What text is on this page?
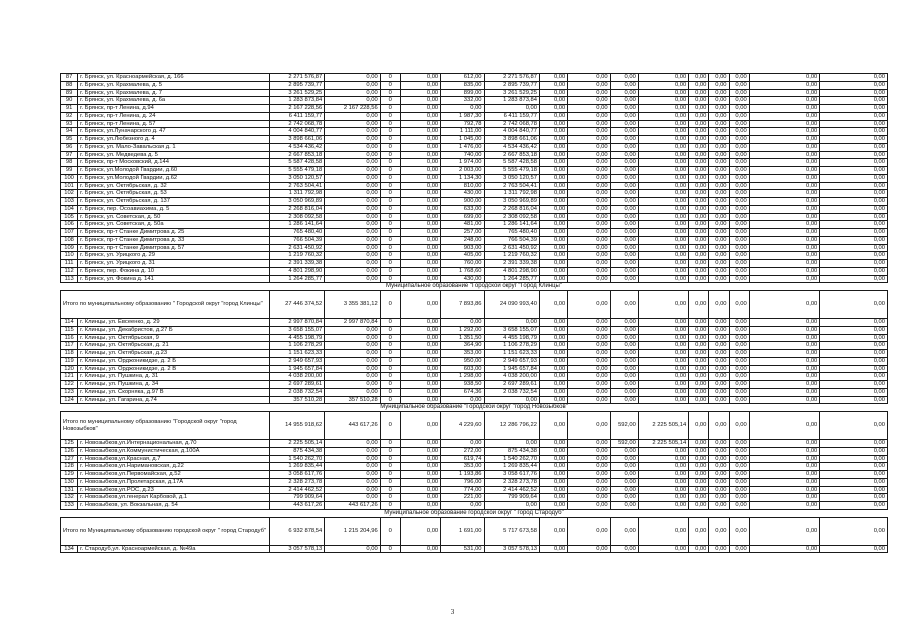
87	г. Брянск, ул. Красноармейская, д. 166	2 271 576,87	0,00	0	0,00	612,00	2 271 576,87	0,00	0,00	0,00	0,00	0,00	0,00	0,00	0,00	0,00
88	г. Брянск, ул. Крахмалева, д. 5	2 895 739,77	0,00	0	0,00	835,00	2 895 739,77	0,00	0,00	0,00	0,00	0,00	0,00	0,00	0,00	0,00
89	г. Брянск, ул. Крахмалева, д. 7	3 261 529,25	0,00	0	0,00	899,00	3 261 529,25	0,00	0,00	0,00	0,00	0,00	0,00	0,00	0,00	0,00
90	г. Брянск, ул. Крахмалева, д. 6а	1 283 873,84	0,00	0	0,00	332,00	1 283 873,84	0,00	0,00	0,00	0,00	0,00	0,00	0,00	0,00	0,00
91	г. Брянск, пр-т Ленина, д.94	2 167 228,56	2 167 228,56	0	0,00	0,00	0,00	0,00	0,00	0,00	0,00	0,00	0,00	0,00	0,00	0,00
92	г. Брянск, пр-т Ленина, д. 24	6 411 159,77	0,00	0	0,00	1 987,30	6 411 159,77	0,00	0,00	0,00	0,00	0,00	0,00	0,00	0,00	0,00
93	г. Брянск, пр-т Ленина, д. 57	2 742 068,78	0,00	0	0,00	792,78	2 742 068,78	0,00	0,00	0,00	0,00	0,00	0,00	0,00	0,00	0,00
94	г. Брянск, ул.Луначарского д. 47	4 004 840,77	0,00	0	0,00	1 111,00	4 004 840,77	0,00	0,00	0,00	0,00	0,00	0,00	0,00	0,00	0,00
95	г. Брянск, ул.Любезного д. 4	3 898 661,06	0,00	0	0,00	1 045,00	3 898 661,06	0,00	0,00	0,00	0,00	0,00	0,00	0,00	0,00	0,00
96	г. Брянск, ул. Мало-Завальская д. 1	4 534 436,42	0,00	0	0,00	1 476,00	4 534 436,42	0,00	0,00	0,00	0,00	0,00	0,00	0,00	0,00	0,00
97	г. Брянск, ул. Медведева д. 5	2 667 853,18	0,00	0	0,00	740,00	2 667 853,18	0,00	0,00	0,00	0,00	0,00	0,00	0,00	0,00	0,00
98	г. Брянск, пр-т Московский, д.144	5 587 428,58	0,00	0	0,00	1 974,00	5 587 428,58	0,00	0,00	0,00	0,00	0,00	0,00	0,00	0,00	0,00
99	г. Брянск, ул.Молодой Гвардии, д.60	5 555 479,18	0,00	0	0,00	2 003,00	5 555 479,18	0,00	0,00	0,00	0,00	0,00	0,00	0,00	0,00	0,00
100	г. Брянск, ул.Молодой Гвардии, д.62	3 050 120,57	0,00	0	0,00	1 134,30	3 050 120,57	0,00	0,00	0,00	0,00	0,00	0,00	0,00	0,00	0,00
101	г. Брянск, ул. Октябрьская, д. 32	2 763 504,41	0,00	0	0,00	810,00	2 763 504,41	0,00	0,00	0,00	0,00	0,00	0,00	0,00	0,00	0,00
102	г. Брянск, ул. Октябрьская, д. 53	1 311 792,98	0,00	0	0,00	430,00	1 311 792,98	0,00	0,00	0,00	0,00	0,00	0,00	0,00	0,00	0,00
103	г. Брянск, ул. Октябрьская, д. 137	3 050 969,89	0,00	0	0,00	900,00	3 050 969,89	0,00	0,00	0,00	0,00	0,00	0,00	0,00	0,00	0,00
104	г. Брянск, пер. Осоавиахима, д. 5	2 268 816,04	0,00	0	0,00	633,00	2 268 816,04	0,00	0,00	0,00	0,00	0,00	0,00	0,00	0,00	0,00
105	г. Брянск, ул. Советская, д. 50	2 308 092,58	0,00	0	0,00	699,00	2 308 092,58	0,00	0,00	0,00	0,00	0,00	0,00	0,00	0,00	0,00
106	г. Брянск, ул. Советская, д. 50а	1 286 141,64	0,00	0	0,00	481,00	1 286 141,64	0,00	0,00	0,00	0,00	0,00	0,00	0,00	0,00	0,00
107	г. Брянск, пр-т Станке Димитрова д. 25	765 480,40	0,00	0	0,00	257,00	765 480,40	0,00	0,00	0,00	0,00	0,00	0,00	0,00	0,00	0,00
108	г. Брянск, пр-т Станке Димитрова д. 33	766 504,39	0,00	0	0,00	248,00	766 504,39	0,00	0,00	0,00	0,00	0,00	0,00	0,00	0,00	0,00
109	г. Брянск, пр-т Станке Димитрова д. 57	2 631 450,92	0,00	0	0,00	903,00	2 631 450,92	0,00	0,00	0,00	0,00	0,00	0,00	0,00	0,00	0,00
110	г. Брянск, ул. Урицкого д. 29	1 219 760,32	0,00	0	0,00	405,00	1 219 760,32	0,00	0,00	0,00	0,00	0,00	0,00	0,00	0,00	0,00
111	г. Брянск, ул. Урицкого д. 31	2 391 339,38	0,00	0	0,00	760,00	2 391 339,38	0,00	0,00	0,00	0,00	0,00	0,00	0,00	0,00	0,00
112	г. Брянск, пер. Фокина д. 10	4 801 298,90	0,00	0	0,00	1 768,60	4 801 298,90	0,00	0,00	0,00	0,00	0,00	0,00	0,00	0,00	0,00
113	г. Брянск, ул. Фокина д. 141	1 264 285,77	0,00	0	0,00	430,00	1 264 285,77	0,00	0,00	0,00	0,00	0,00	0,00	0,00	0,00	0,00
Муниципальное образование "Городской округ "Город Клинцы"																
Итого по муниципальному образованию " Городской округ "город Клинцы"		27 446 374,52	3 355 381,12	0	0,00	7 893,86	24 090 993,40	0,00	0,00	0,00	0,00	0,00	0,00	0,00	0,00	0,00
114	г. Клинцы, ул. Евсеенко, д. 29	2 997 870,84	2 997 870,84	0	0,00	0,00	0,00	0,00	0,00	0,00	0,00	0,00	0,00	0,00	0,00	0,00
115	г. Клинцы, ул. Декабристов, д.27 Б	3 658 155,07	0,00	0	0,00	1 292,00	3 658 155,07	0,00	0,00	0,00	0,00	0,00	0,00	0,00	0,00	0,00
116	г. Клинцы, ул. Октябрьская, 9	4 455 198,79	0,00	0	0,00	1 351,50	4 455 198,79	0,00	0,00	0,00	0,00	0,00	0,00	0,00	0,00	0,00
117	г. Клинцы, ул. Октябрьская, д. 21	1 106 278,29	0,00	0	0,00	364,90	1 106 278,29	0,00	0,00	0,00	0,00	0,00	0,00	0,00	0,00	0,00
118	г. Клинцы, ул. Октябрьская, д.23	1 151 623,33	0,00	0	0,00	353,00	1 151 623,33	0,00	0,00	0,00	0,00	0,00	0,00	0,00	0,00	0,00
119	г. Клинцы, ул. Орджоникидзе, д. 2 Б	2 949 657,93	0,00	0	0,00	950,00	2 949 657,93	0,00	0,00	0,00	0,00	0,00	0,00	0,00	0,00	0,00
120	г. Клинцы, ул. Орджоникидзе, д. 2 В	1 945 657,84	0,00	0	0,00	603,00	1 945 657,84	0,00	0,00	0,00	0,00	0,00	0,00	0,00	0,00	0,00
121	г. Клинцы, ул. Пушкина, д. 31	4 038 200,00	0,00	0	0,00	1 298,00	4 038 200,00	0,00	0,00	0,00	0,00	0,00	0,00	0,00	0,00	0,00
122	г. Клинцы, ул. Пушкина, д. 34	2 697 289,61	0,00	0	0,00	938,50	2 697 289,61	0,00	0,00	0,00	0,00	0,00	0,00	0,00	0,00	0,00
123	г. Клинцы, ул. Скорняка, д.97 В	2 038 732,54	0,00	0	0,00	674,36	2 038 732,54	0,00	0,00	0,00	0,00	0,00	0,00	0,00	0,00	0,00
124	г. Клинцы, ул. Гагарина, д.74	357 510,28	357 510,28	0	0,00	0,00	0,00	0,00	0,00	0,00	0,00	0,00	0,00	0,00	0,00	0,00
Муниципальное образование "Городской округ "город Новозыбков"																
Итого по муниципальному образованию "Городской округ "город Новозыбков"		14 955 918,62	443 617,26	0	0,00	4 229,60	12 286 796,22	0,00	0,00	592,00	2 225 505,14	0,00	0,00	0,00	0,00	0,00
125	г. Новозыбков,ул.Интернациональная, д.70	2 225 505,14	0,00	0	0,00	0,00	0,00	0,00	0,00	592,00	2 225 505,14	0,00	0,00	0,00	0,00	0,00
126	г. Новозыбков,ул.Коммунистическая, д.100А	875 434,38	0,00	0	0,00	272,00	875 434,38	0,00	0,00	0,00	0,00	0,00	0,00	0,00	0,00	0,00
127	г. Новозыбков,ул.Красная, д.7	1 540 262,70	0,00	0	0,00	619,74	1 540 262,70	0,00	0,00	0,00	0,00	0,00	0,00	0,00	0,00	0,00
128	г. Новозыбков,ул.Наримановская, д.22	1 269 835,44	0,00	0	0,00	353,00	1 269 835,44	0,00	0,00	0,00	0,00	0,00	0,00	0,00	0,00	0,00
129	г. Новозыбков,ул.Первомайская, д.52	3 058 617,76	0,00	0	0,00	1 193,86	3 058 617,76	0,00	0,00	0,00	0,00	0,00	0,00	0,00	0,00	0,00
130	г. Новозыбков,ул.Пролетарская, д.17А	2 328 273,78	0,00	0	0,00	796,00	2 328 273,78	0,00	0,00	0,00	0,00	0,00	0,00	0,00	0,00	0,00
131	г. Новозыбков,ул.РОС, д.23	2 414 462,52	0,00	0	0,00	774,00	2 414 462,52	0,00	0,00	0,00	0,00	0,00	0,00	0,00	0,00	0,00
132	г. Новозыбков,ул.генерал Карбовой, д.1	799 909,64	0,00	0	0,00	221,00	799 909,64	0,00	0,00	0,00	0,00	0,00	0,00	0,00	0,00	0,00
133	г. Новозыбков, ул. Вокзальная, д. 54	443 617,26	443 617,26	0	0,00	0,00	0,00	0,00	0,00	0,00	0,00	0,00	0,00	0,00	0,00	0,00
Муниципальное образование городской округ " город Стародуб"																
Итого по Муниципальному образованию городской округ " город Стародуб"		6 932 878,54	1 215 204,96	0	0,00	1 691,00	5 717 673,58	0,00	0,00	0,00	0,00	0,00	0,00	0,00	0,00	0,00
134	г. Стародуб,ул. Красноармейская, д. №49а	3 057 578,13	0,00	0	0,00	531,00	3 057 578,13	0,00	0,00	0,00	0,00	0,00	0,00	0,00	0,00	0,00
3
